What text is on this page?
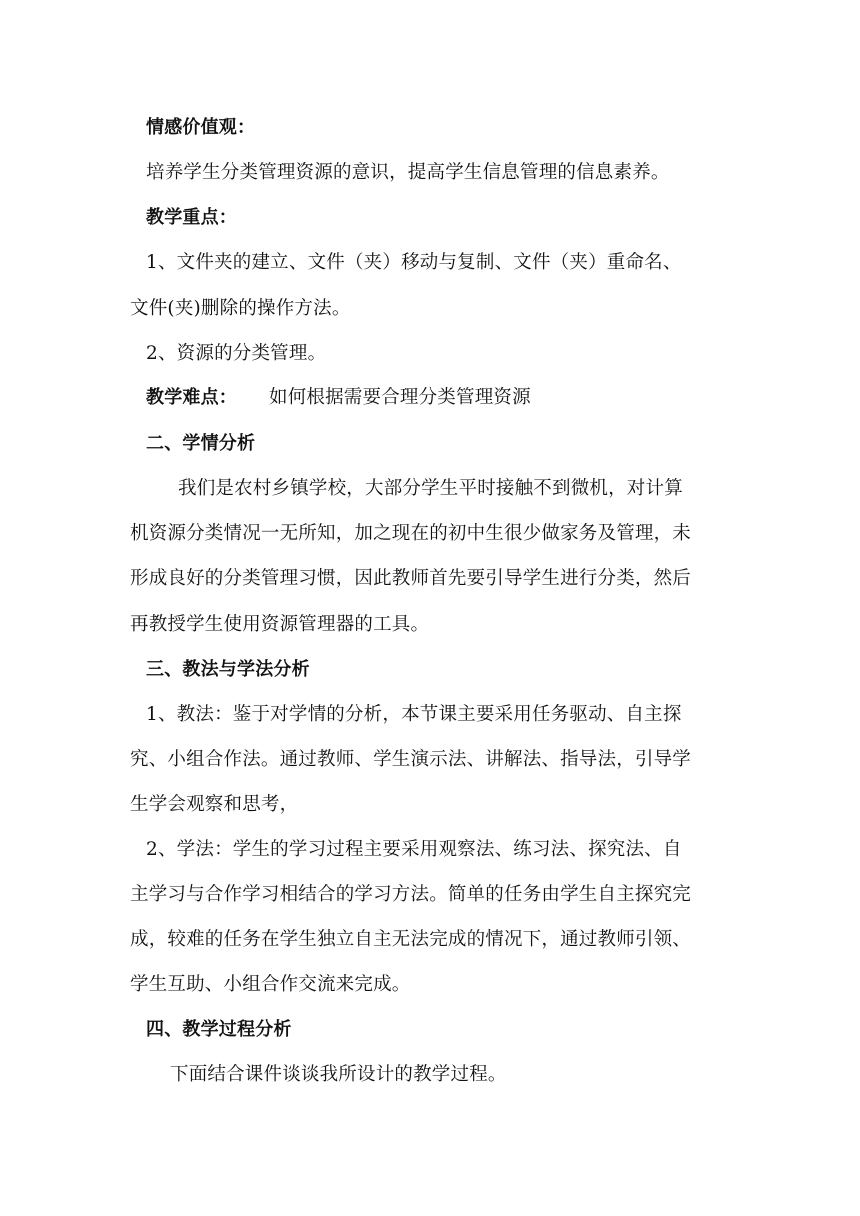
情感价值观：
培养学生分类管理资源的意识，提高学生信息管理的信息素养。
教学重点：
1、文件夹的建立、文件（夹）移动与复制、文件（夹）重命名、
文件(夹)删除的操作方法。
2、资源的分类管理。
教学难点： 如何根据需要合理分类管理资源
二、学情分析
我们是农村乡镇学校，大部分学生平时接触不到微机，对计算
机资源分类情况一无所知，加之现在的初中生很少做家务及管理，未
形成良好的分类管理习惯，因此教师首先要引导学生进行分类，然后
再教授学生使用资源管理器的工具。
三、教法与学法分析
1、教法：鉴于对学情的分析，本节课主要采用任务驱动、自主探
究、小组合作法。通过教师、学生演示法、讲解法、指导法，引导学
生学会观察和思考，
2、学法：学生的学习过程主要采用观察法、练习法、探究法、自
主学习与合作学习相结合的学习方法。简单的任务由学生自主探究完
成，较难的任务在学生独立自主无法完成的情况下，通过教师引领、
学生互助、小组合作交流来完成。
四、教学过程分析
下面结合课件谈谈我所设计的教学过程。
